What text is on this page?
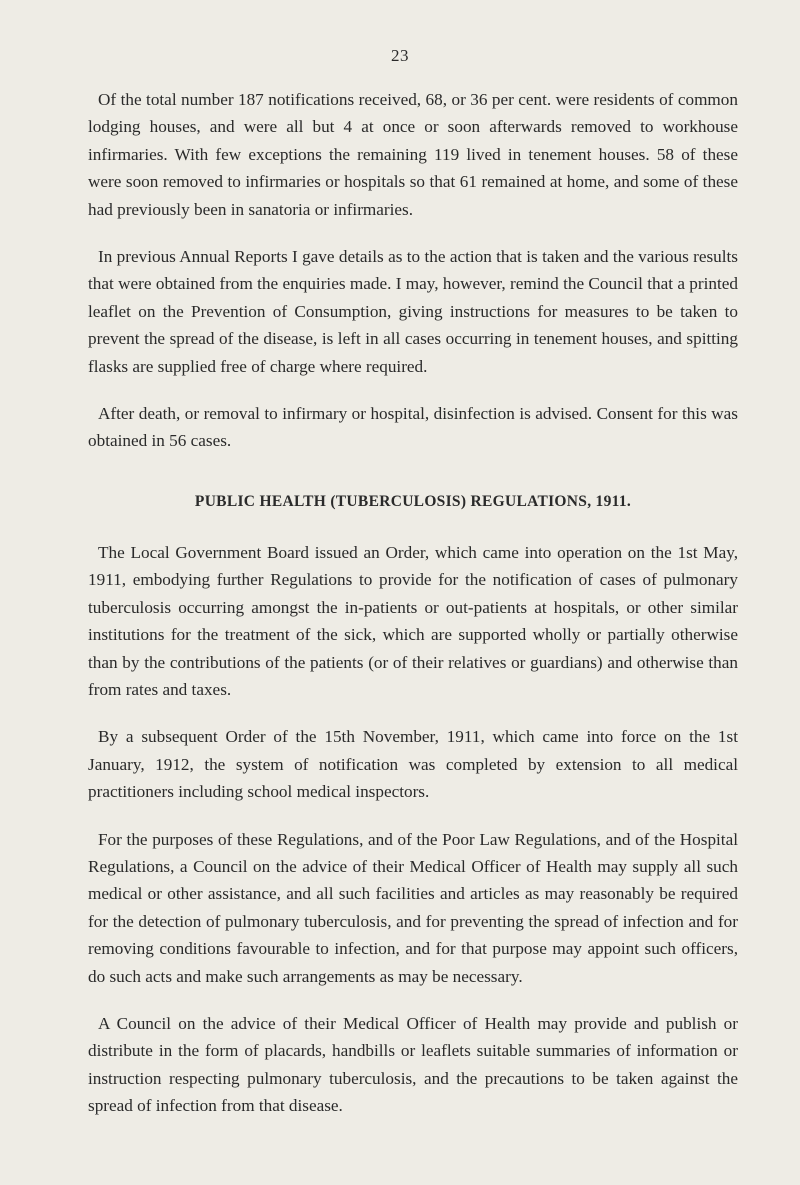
23

Of the total number 187 notifications received, 68, or 36 per cent. were residents of common lodging houses, and were all but 4 at once or soon afterwards removed to workhouse infirmaries. With few exceptions the remaining 119 lived in tenement houses. 58 of these were soon removed to infirmaries or hospitals so that 61 remained at home, and some of these had previously been in sanatoria or infirmaries.

In previous Annual Reports I gave details as to the action that is taken and the various results that were obtained from the enquiries made. I may, however, remind the Council that a printed leaflet on the Prevention of Consumption, giving instructions for measures to be taken to prevent the spread of the disease, is left in all cases occurring in tenement houses, and spitting flasks are supplied free of charge where required.

After death, or removal to infirmary or hospital, disinfection is advised. Consent for this was obtained in 56 cases.

PUBLIC HEALTH (TUBERCULOSIS) REGULATIONS, 1911.

The Local Government Board issued an Order, which came into operation on the 1st May, 1911, embodying further Regulations to provide for the notification of cases of pulmonary tuberculosis occurring amongst the in-patients or out-patients at hospitals, or other similar institutions for the treatment of the sick, which are supported wholly or partially otherwise than by the contributions of the patients (or of their relatives or guardians) and otherwise than from rates and taxes.

By a subsequent Order of the 15th November, 1911, which came into force on the 1st January, 1912, the system of notification was completed by extension to all medical practitioners including school medical inspectors.

For the purposes of these Regulations, and of the Poor Law Regulations, and of the Hospital Regulations, a Council on the advice of their Medical Officer of Health may supply all such medical or other assistance, and all such facilities and articles as may reasonably be required for the detection of pulmonary tuberculosis, and for preventing the spread of infection and for removing conditions favourable to infection, and for that purpose may appoint such officers, do such acts and make such arrangements as may be necessary.

A Council on the advice of their Medical Officer of Health may provide and publish or distribute in the form of placards, handbills or leaflets suitable summaries of information or instruction respecting pulmonary tuberculosis, and the precautions to be taken against the spread of infection from that disease.
